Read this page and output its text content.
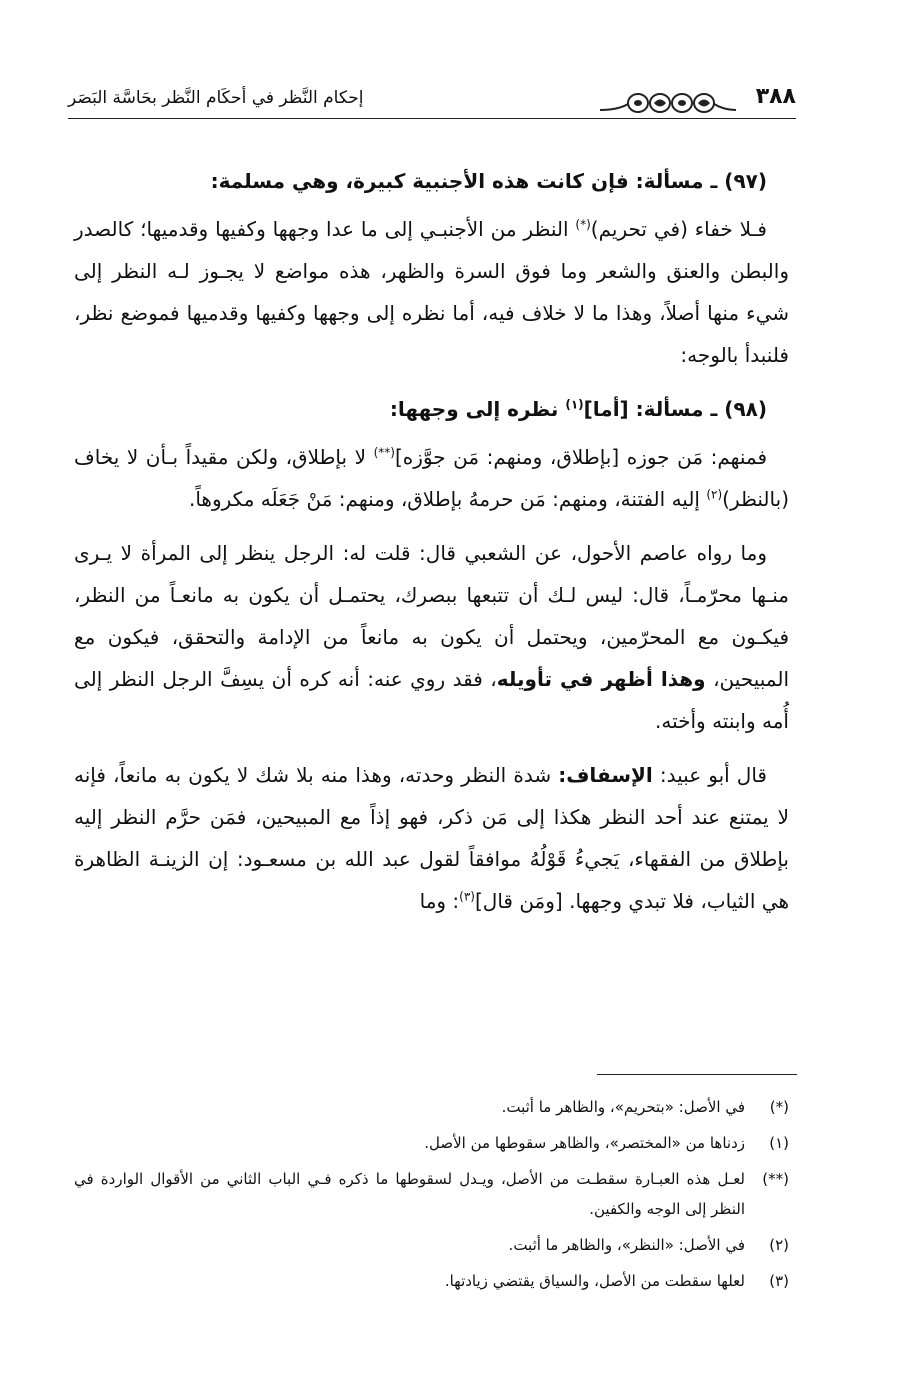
٣٨٨
إحكام النَّظر في أحكَام النَّظر بحَاسَّة البَصَر

(٩٧) ـ مسألة: فإن كانت هذه الأجنبية كبيرة، وهي مسلمة:

فـلا خفاء (في تحريم)(*) النظر من الأجنبـي إلى ما عدا وجهها وكفيها وقدميها؛ كالصدر والبطن والعنق والشعر وما فوق السرة والظهر، هذه مواضع لا يجـوز لـه النظر إلى شيء منها أصلاً، وهذا ما لا خلاف فيه، أما نظره إلى وجهها وكفيها وقدميها فموضع نظر، فلنبدأ بالوجه:

(٩٨) ـ مسألة: [أما]$^{(١)}$ نظره إلى وجهها:

فمنهم: مَن جوزه [بإطلاق، ومنهم: مَن جوَّزه](**) لا بإطلاق، ولكن مقيداً بـأن لا يخاف (بالنظر)$^{(٢)}$ إليه الفتنة، ومنهم: مَن حرمهُ بإطلاق، ومنهم: مَنْ جَعَلَه مكروهاً.

وما رواه عاصم الأحول، عن الشعبي قال: قلت له: الرجل ينظر إلى المرأة لا يـرى منـها محرّمـاً، قال: ليس لـك أن تتبعها ببصرك، يحتمـل أن يكون به مانعـاً من النظر، فيكـون مع المحرّمين، ويحتمل أن يكون به مانعاً من الإدامة والتحقق، فيكون مع المبيحين، وهذا أظهر في تأويله، فقد روي عنه: أنه كره أن يسِفَّ الرجل النظر إلى أُمه وابنته وأخته.

قال أبو عبيد: الإسفاف: شدة النظر وحدته، وهذا منه بلا شك لا يكون به مانعاً، فإنه لا يمتنع عند أحد النظر هكذا إلى مَن ذكر، فهو إذاً مع المبيحين، فمَن حرَّم النظر إليه بإطلاق من الفقهاء، يَجيءُ قَوْلُهُ موافقاً لقول عبد الله بن مسعـود: إن الزينـة الظاهرة هي الثياب، فلا تبدي وجهها. [ومَن قال]$^{(٣)}$: وما

(*)في الأصل: «بتحريم»، والظاهر ما أثبت.
(١)زدناها من «المختصر»، والظاهر سقوطها من الأصل.
(**)لعـل هذه العبـارة سقطـت من الأصل، ويـدل لسقوطها ما ذكره فـي الباب الثاني من الأقوال الواردة في النظر إلى الوجه والكفين.
(٢)في الأصل: «النظر»، والظاهر ما أثبت.
(٣)لعلها سقطت من الأصل، والسياق يقتضي زيادتها.
